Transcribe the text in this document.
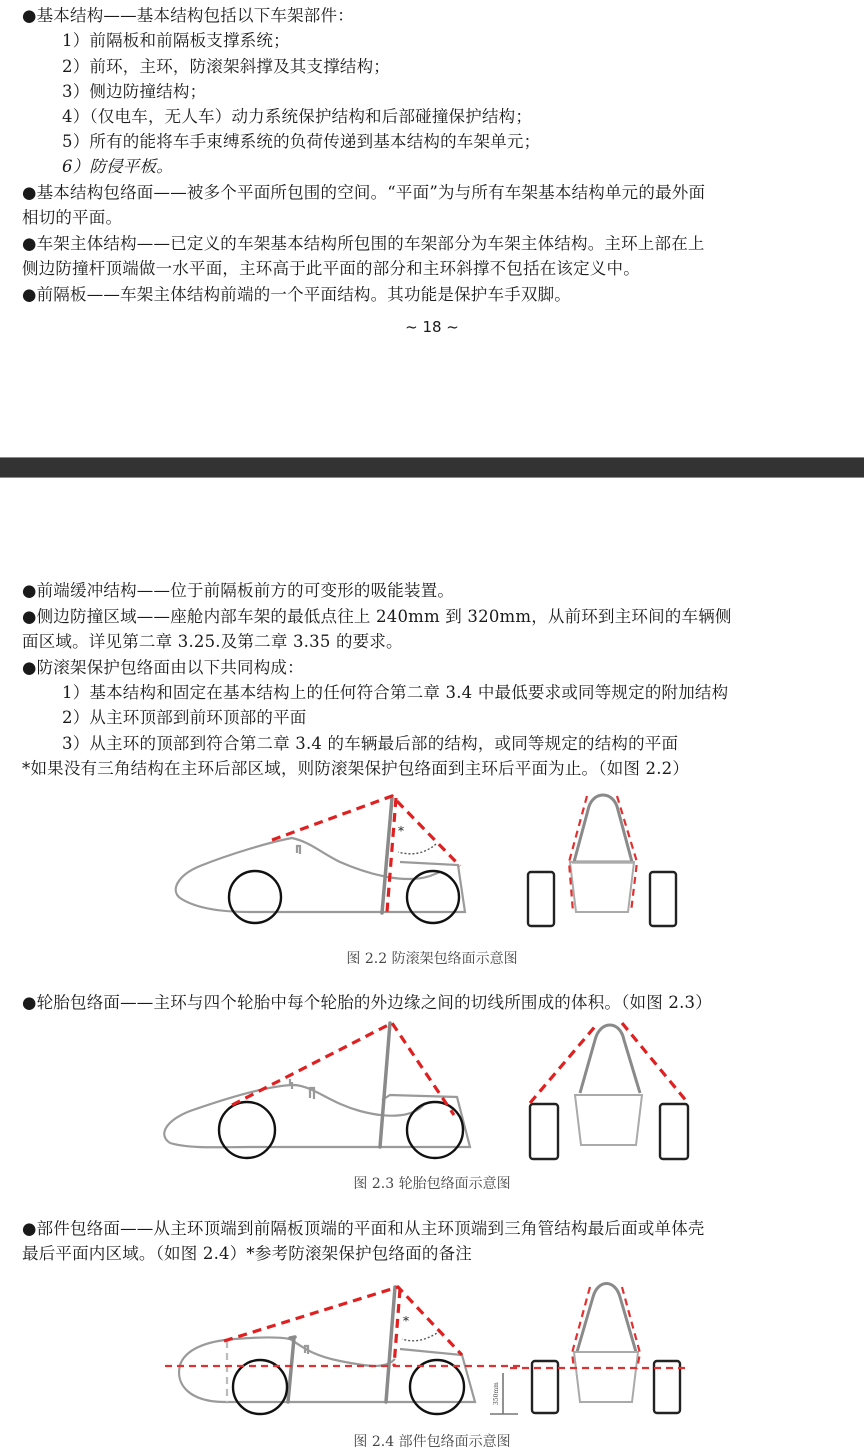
●基本结构——基本结构包括以下车架部件：
1）前隔板和前隔板支撑系统；
2）前环，主环，防滚架斜撑及其支撑结构；
3）侧边防撞结构；
4）（仅电车，无人车）动力系统保护结构和后部碰撞保护结构；
5）所有的能将车手束缚系统的负荷传递到基本结构的车架单元；
6）防侵平板。
●基本结构包络面——被多个平面所包围的空间。“平面”为与所有车架基本结构单元的最外面
相切的平面。
●车架主体结构——已定义的车架基本结构所包围的车架部分为车架主体结构。主环上部在上
侧边防撞杆顶端做一水平面，主环高于此平面的部分和主环斜撑不包括在该定义中。
●前隔板——车架主体结构前端的一个平面结构。其功能是保护车手双脚。
~ 18 ~
●前端缓冲结构——位于前隔板前方的可变形的吸能装置。
●侧边防撞区域——座舱内部车架的最低点往上 240mm 到 320mm，从前环到主环间的车辆侧
面区域。详见第二章 3.25.及第二章 3.35 的要求。
●防滚架保护包络面由以下共同构成：
1）基本结构和固定在基本结构上的任何符合第二章 3.4 中最低要求或同等规定的附加结构
2）从主环顶部到前环顶部的平面
3）从主环的顶部到符合第二章 3.4 的车辆最后部的结构，或同等规定的结构的平面
*如果没有三角结构在主环后部区域，则防滚架保护包络面到主环后平面为止。（如图 2.2）
*
图 2.2 防滚架包络面示意图
●轮胎包络面——主环与四个轮胎中每个轮胎的外边缘之间的切线所围成的体积。（如图 2.3）
图 2.3 轮胎包络面示意图
●部件包络面——从主环顶端到前隔板顶端的平面和从主环顶端到三角管结构最后面或单体壳
最后平面内区域。（如图 2.4）*参考防滚架保护包络面的备注
*
350mm
图 2.4 部件包络面示意图
